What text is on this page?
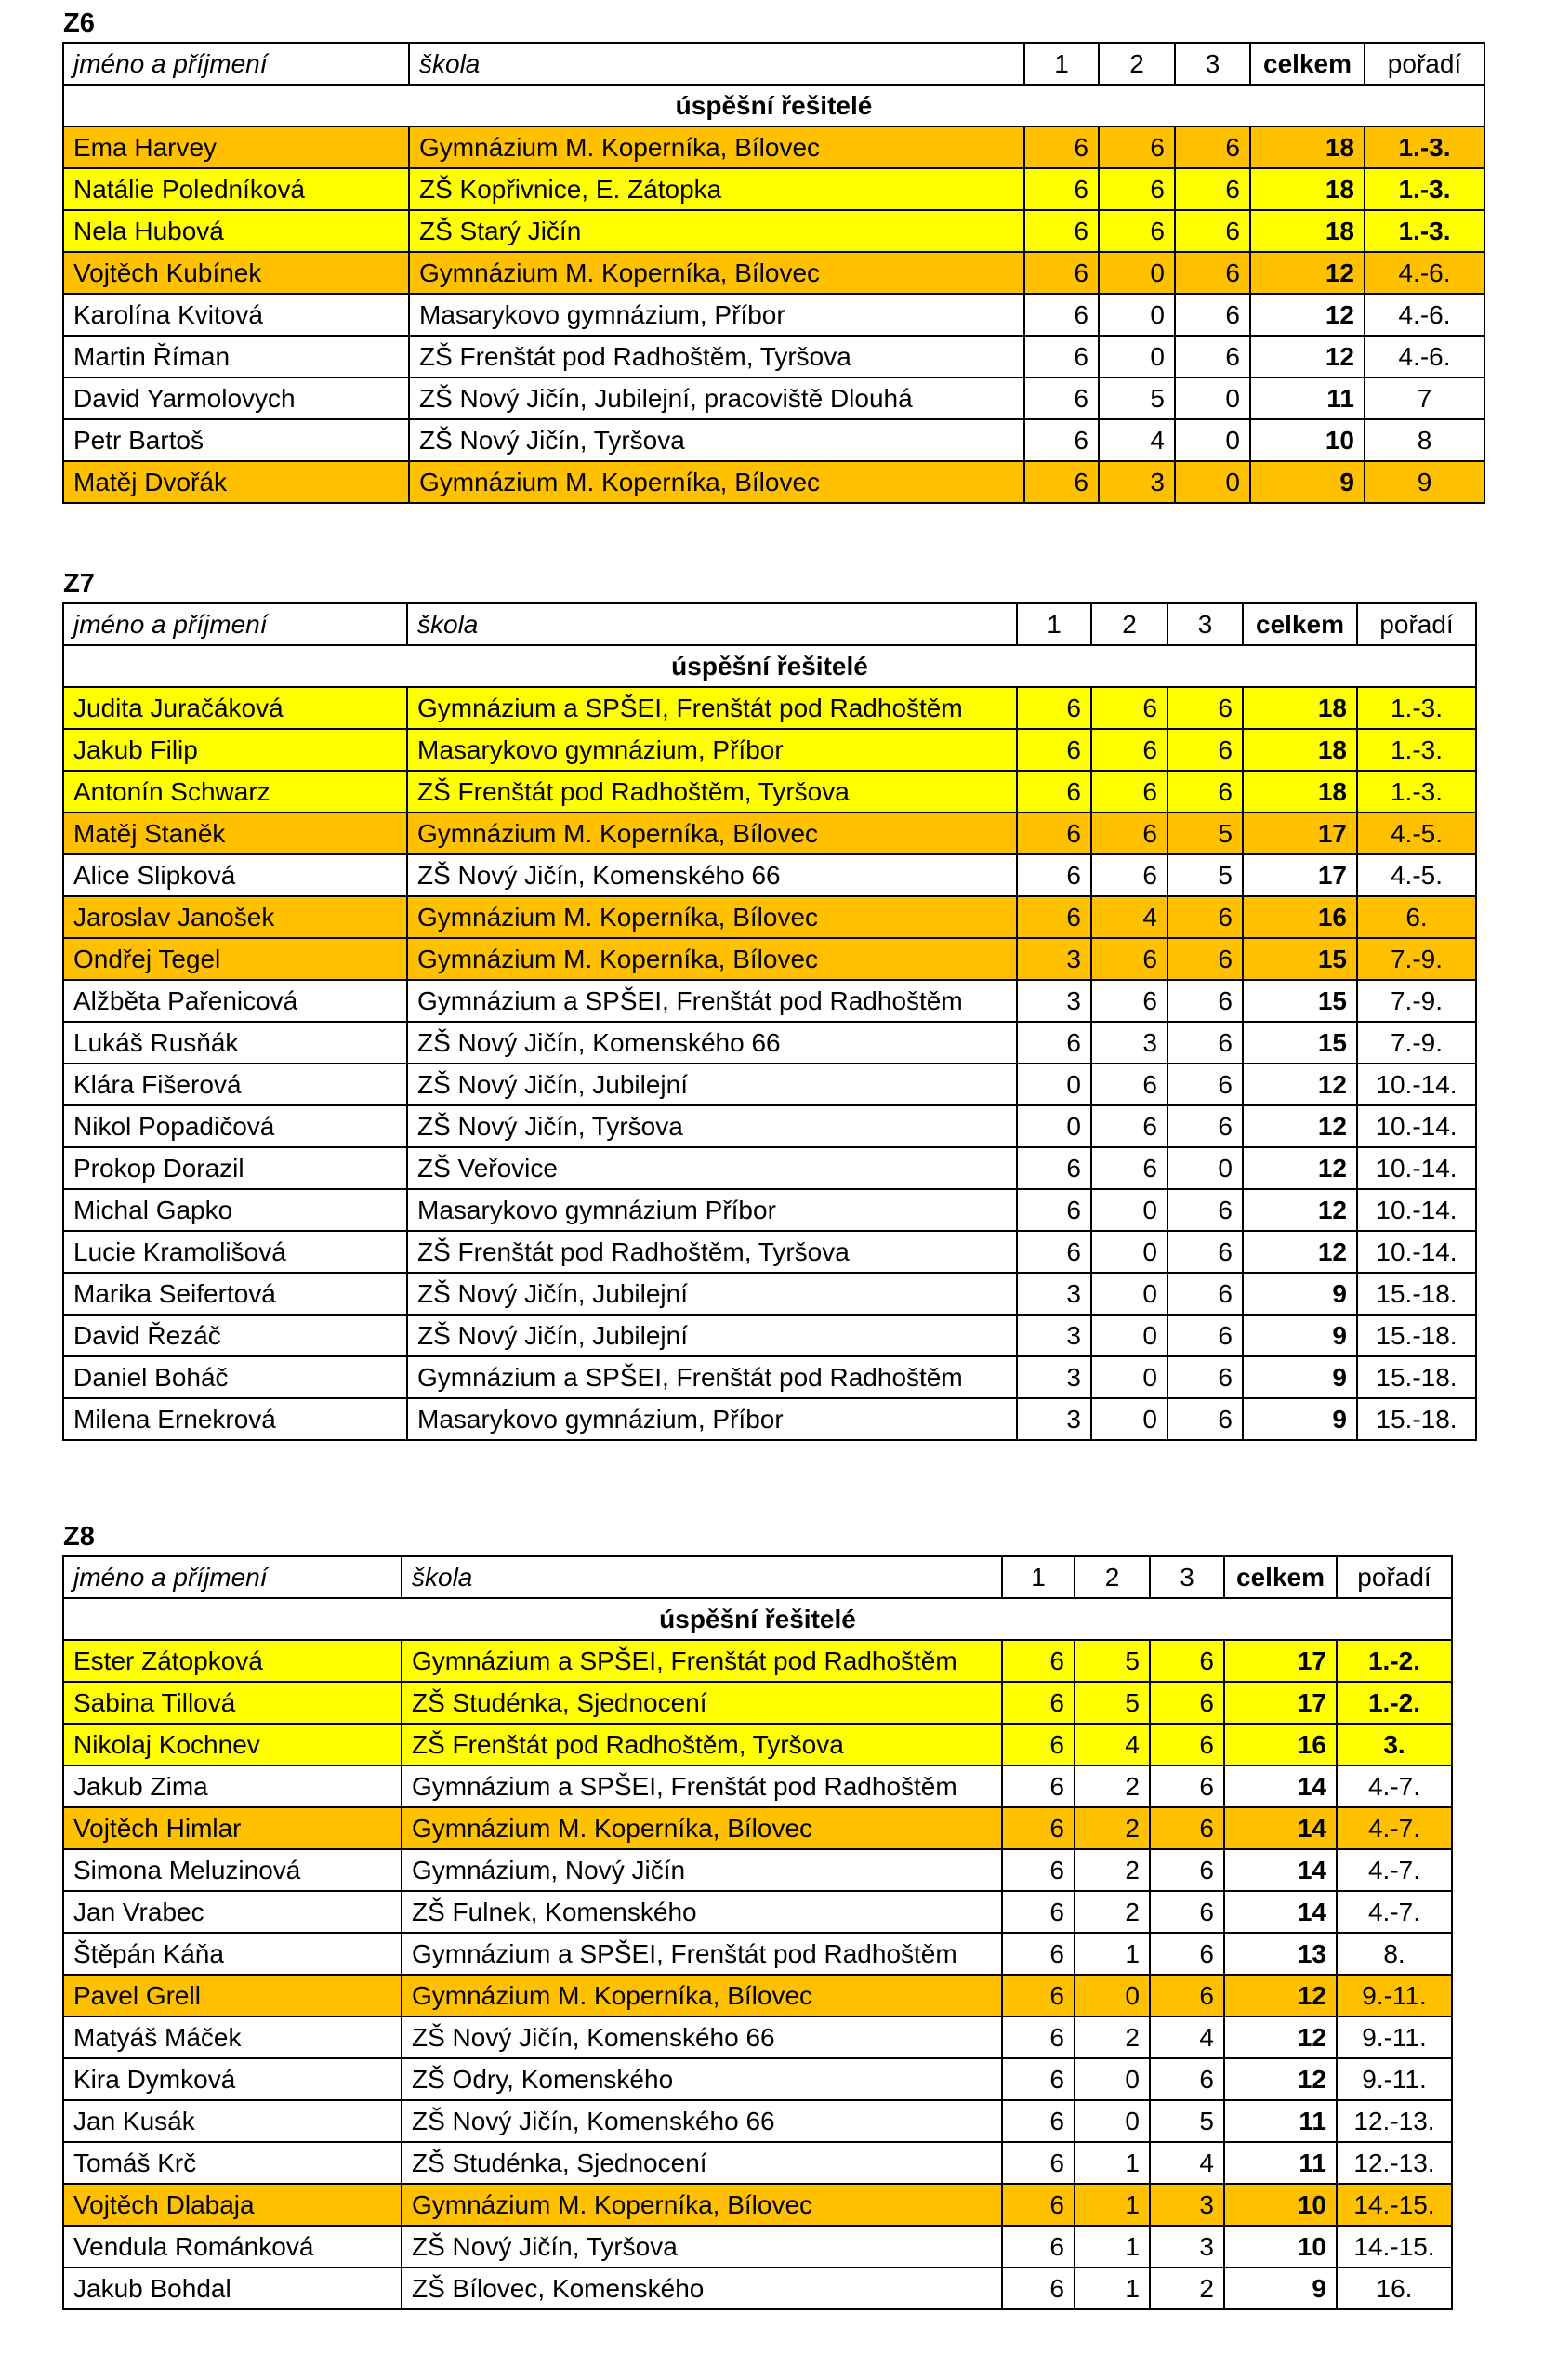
Z6
jméno a příjmení	škola	1	2	3	celkem	pořadí
úspěšní řešitelé						
Ema Harvey	Gymnázium M. Koperníka, Bílovec	6	6	6	18	1.-3.
Natálie Poledníková	ZŠ Kopřivnice, E. Zátopka	6	6	6	18	1.-3.
Nela Hubová	ZŠ Starý Jičín	6	6	6	18	1.-3.
Vojtěch Kubínek	Gymnázium M. Koperníka, Bílovec	6	0	6	12	4.-6.
Karolína Kvitová	Masarykovo gymnázium, Příbor	6	0	6	12	4.-6.
Martin Říman	ZŠ Frenštát pod Radhoštěm, Tyršova	6	0	6	12	4.-6.
David Yarmolovych	ZŠ Nový Jičín, Jubilejní, pracoviště Dlouhá	6	5	0	11	7
Petr Bartoš	ZŠ Nový Jičín, Tyršova	6	4	0	10	8
Matěj Dvořák	Gymnázium M. Koperníka, Bílovec	6	3	0	9	9
Z7
jméno a příjmení	škola	1	2	3	celkem	pořadí
úspěšní řešitelé						
Judita Juračáková	Gymnázium a SPŠEI, Frenštát pod Radhoštěm	6	6	6	18	1.-3.
Jakub Filip	Masarykovo gymnázium, Příbor	6	6	6	18	1.-3.
Antonín Schwarz	ZŠ Frenštát pod Radhoštěm, Tyršova	6	6	6	18	1.-3.
Matěj Staněk	Gymnázium M. Koperníka, Bílovec	6	6	5	17	4.-5.
Alice Slipková	ZŠ Nový Jičín, Komenského 66	6	6	5	17	4.-5.
Jaroslav Janošek	Gymnázium M. Koperníka, Bílovec	6	4	6	16	6.
Ondřej Tegel	Gymnázium M. Koperníka, Bílovec	3	6	6	15	7.-9.
Alžběta Pařenicová	Gymnázium a SPŠEI, Frenštát pod Radhoštěm	3	6	6	15	7.-9.
Lukáš Rusňák	ZŠ Nový Jičín, Komenského 66	6	3	6	15	7.-9.
Klára Fišerová	ZŠ Nový Jičín, Jubilejní	0	6	6	12	10.-14.
Nikol Popadičová	ZŠ Nový Jičín, Tyršova	0	6	6	12	10.-14.
Prokop Dorazil	ZŠ Veřovice	6	6	0	12	10.-14.
Michal Gapko	Masarykovo gymnázium Příbor	6	0	6	12	10.-14.
Lucie Kramolišová	ZŠ Frenštát pod Radhoštěm, Tyršova	6	0	6	12	10.-14.
Marika Seifertová	ZŠ Nový Jičín, Jubilejní	3	0	6	9	15.-18.
David Řezáč	ZŠ Nový Jičín, Jubilejní	3	0	6	9	15.-18.
Daniel Boháč	Gymnázium a SPŠEI, Frenštát pod Radhoštěm	3	0	6	9	15.-18.
Milena Ernekrová	Masarykovo gymnázium, Příbor	3	0	6	9	15.-18.
Z8
jméno a příjmení	škola	1	2	3	celkem	pořadí
úspěšní řešitelé						
Ester Zátopková	Gymnázium a SPŠEI, Frenštát pod Radhoštěm	6	5	6	17	1.-2.
Sabina Tillová	ZŠ Studénka, Sjednocení	6	5	6	17	1.-2.
Nikolaj Kochnev	ZŠ Frenštát pod Radhoštěm, Tyršova	6	4	6	16	3.
Jakub Zima	Gymnázium a SPŠEI, Frenštát pod Radhoštěm	6	2	6	14	4.-7.
Vojtěch Himlar	Gymnázium M. Koperníka, Bílovec	6	2	6	14	4.-7.
Simona Meluzinová	Gymnázium, Nový Jičín	6	2	6	14	4.-7.
Jan Vrabec	ZŠ Fulnek, Komenského	6	2	6	14	4.-7.
Štěpán Káňa	Gymnázium a SPŠEI, Frenštát pod Radhoštěm	6	1	6	13	8.
Pavel Grell	Gymnázium M. Koperníka, Bílovec	6	0	6	12	9.-11.
Matyáš Máček	ZŠ Nový Jičín, Komenského 66	6	2	4	12	9.-11.
Kira Dymková	ZŠ Odry, Komenského	6	0	6	12	9.-11.
Jan Kusák	ZŠ Nový Jičín, Komenského 66	6	0	5	11	12.-13.
Tomáš Krč	ZŠ Studénka, Sjednocení	6	1	4	11	12.-13.
Vojtěch Dlabaja	Gymnázium M. Koperníka, Bílovec	6	1	3	10	14.-15.
Vendula Románková	ZŠ Nový Jičín, Tyršova	6	1	3	10	14.-15.
Jakub Bohdal	ZŠ Bílovec, Komenského	6	1	2	9	16.
